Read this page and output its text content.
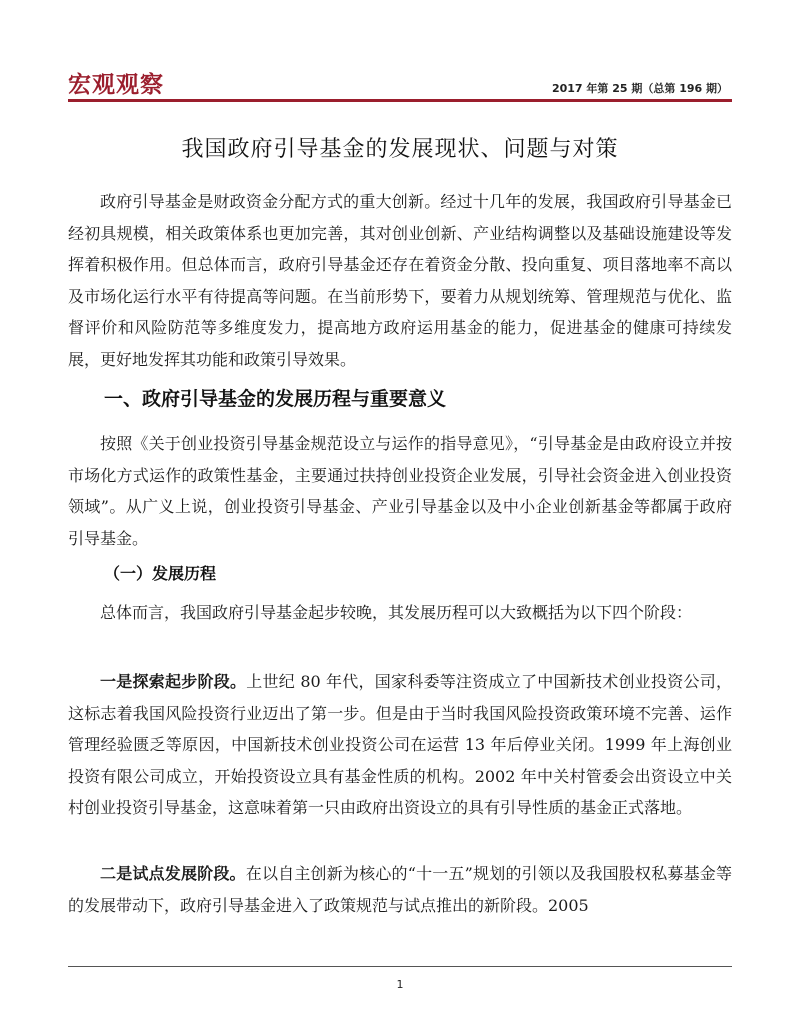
宏观观察	2017 年第 25 期（总第 196 期）
我国政府引导基金的发展现状、问题与对策

政府引导基金是财政资金分配方式的重大创新。经过十几年的发展，我国政府引导基金已经初具规模，相关政策体系也更加完善，其对创业创新、产业结构调整以及基础设施建设等发挥着积极作用。但总体而言，政府引导基金还存在着资金分散、投向重复、项目落地率不高以及市场化运行水平有待提高等问题。在当前形势下，要着力从规划统筹、管理规范与优化、监督评价和风险防范等多维度发力，提高地方政府运用基金的能力，促进基金的健康可持续发展，更好地发挥其功能和政策引导效果。

一、政府引导基金的发展历程与重要意义

按照《关于创业投资引导基金规范设立与运作的指导意见》，“引导基金是由政府设立并按市场化方式运作的政策性基金，主要通过扶持创业投资企业发展，引导社会资金进入创业投资领域”。从广义上说，创业投资引导基金、产业引导基金以及中小企业创新基金等都属于政府引导基金。

（一）发展历程

总体而言，我国政府引导基金起步较晚，其发展历程可以大致概括为以下四个阶段：

一是探索起步阶段。上世纪 80 年代，国家科委等注资成立了中国新技术创业投资公司，这标志着我国风险投资行业迈出了第一步。但是由于当时我国风险投资政策环境不完善、运作管理经验匮乏等原因，中国新技术创业投资公司在运营 13 年后停业关闭。1999 年上海创业投资有限公司成立，开始投资设立具有基金性质的机构。2002 年中关村管委会出资设立中关村创业投资引导基金，这意味着第一只由政府出资设立的具有引导性质的基金正式落地。

二是试点发展阶段。在以自主创新为核心的“十一五”规划的引领以及我国股权私募基金等的发展带动下，政府引导基金进入了政策规范与试点推出的新阶段。2005

1
